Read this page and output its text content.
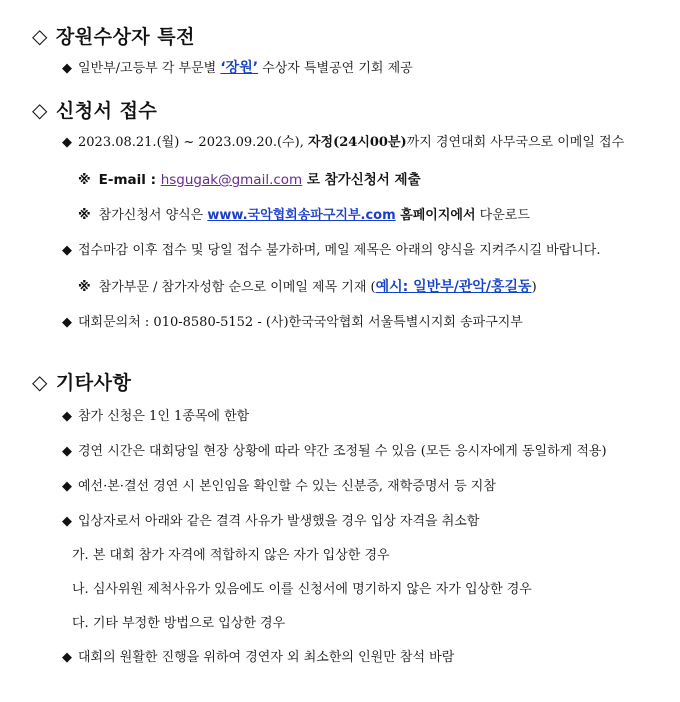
◇ 장원수상자 특전
◆ 일반부/고등부 각 부문별 ‘장원’ 수상자 특별공연 기회 제공
◇ 신청서 접수
◆ 2023.08.21.(월) ~ 2023.09.20.(수), 자정(24시00분)까지 경연대회 사무국으로 이메일 접수
※ E-mail : hsgugak@gmail.com 로 참가신청서 제출
※ 참가신청서 양식은 www.국악협회송파구지부.com 홈페이지에서 다운로드
◆ 접수마감 이후 접수 및 당일 접수 불가하며, 메일 제목은 아래의 양식을 지켜주시길 바랍니다.
※ 참가부문 / 참가자성함 순으로 이메일 제목 기재 (예시: 일반부/관악/홍길동)
◆ 대회문의처 : 010-8580-5152 - (사)한국국악협회 서울특별시지회 송파구지부
◇ 기타사항
◆ 참가 신청은 1인 1종목에 한함
◆ 경연 시간은 대회당일 현장 상황에 따라 약간 조정될 수 있음 (모든 응시자에게 동일하게 적용)
◆ 예선·본·결선 경연 시 본인임을 확인할 수 있는 신분증, 재학증명서 등 지참
◆ 입상자로서 아래와 같은 결격 사유가 발생했을 경우 입상 자격을 취소함
가. 본 대회 참가 자격에 적합하지 않은 자가 입상한 경우
나. 심사위원 제척사유가 있음에도 이를 신청서에 명기하지 않은 자가 입상한 경우
다. 기타 부정한 방법으로 입상한 경우
◆ 대회의 원활한 진행을 위하여 경연자 외 최소한의 인원만 참석 바람
